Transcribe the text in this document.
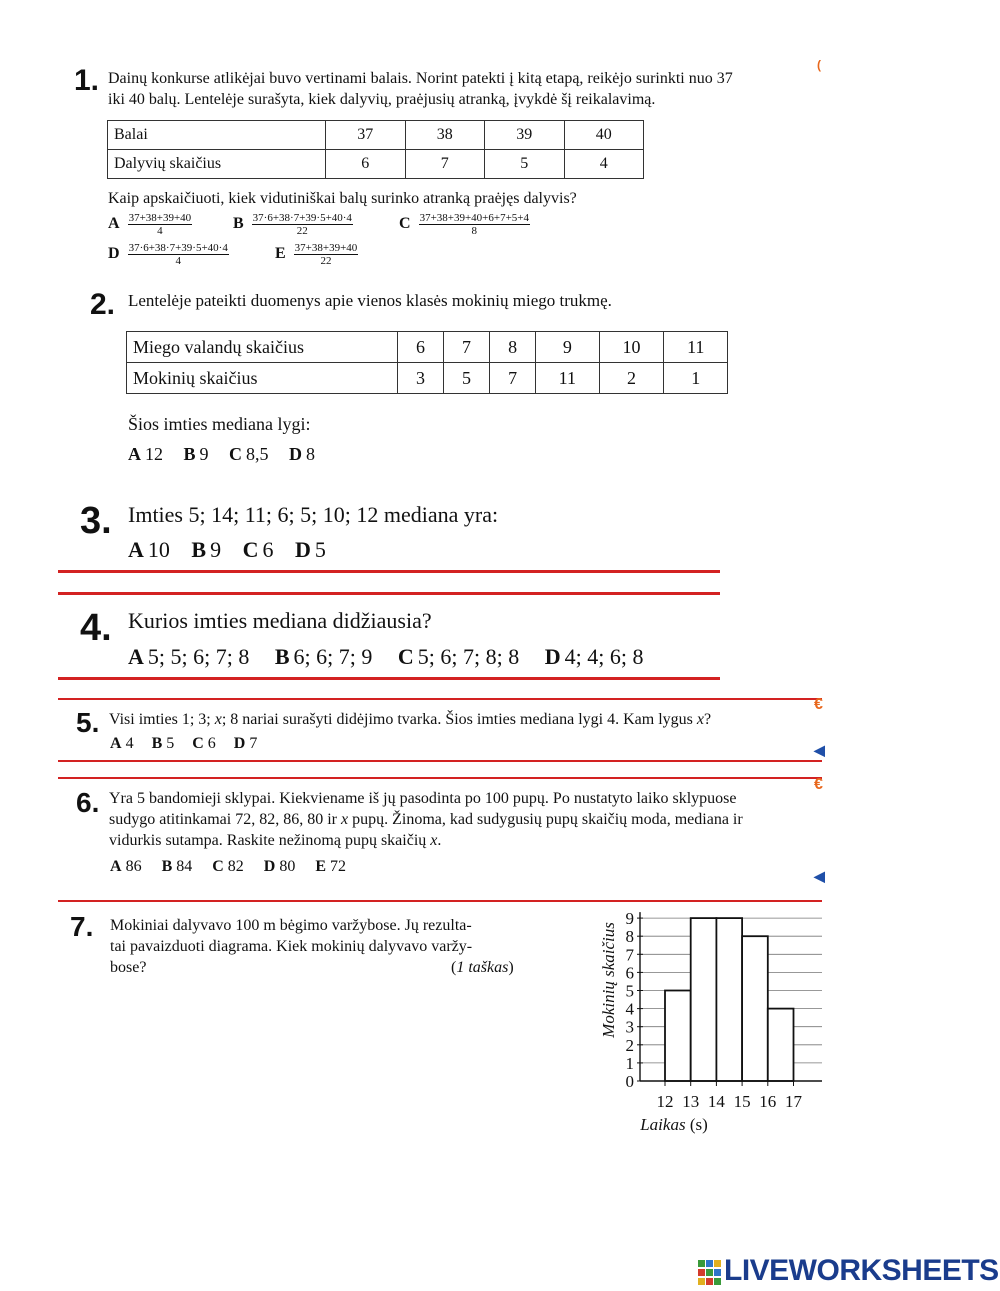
1. Dainų konkurse atlikėjai buvo vertinami balais. Norint patekti į kitą etapą, reikėjo surinkti nuo 37
iki 40 balų. Lentelėje surašyta, kiek dalyvių, praėjusių atranką, įvykdė šį reikalavimą.
(
Balai	37	38	39	40
Dalyvių skaičius	6	7	5	4
Kaip apskaičiuoti, kiek vidutiniškai balų surinko atranką praėjęs dalyvis?
A $\frac{37+38+39+40}{4}$	B $\frac{37\cdot 6+38\cdot 7+39\cdot 5+40\cdot 4}{22}$	C $\frac{37+38+39+40+6+7+5+4}{8}$
D $\frac{37\cdot 6+38\cdot 7+39\cdot 5+40\cdot 4}{4}$	E $\frac{37+38+39+40}{22}$
2. Lentelėje pateikti duomenys apie vienos klasės mokinių miego trukmę.
Miego valandų skaičius	6	7	8	9	10	11
Mokinių skaičius	3	5	7	11	2	1
Šios imties mediana lygi:
A 12 B 9 C 8,5 D 8
3. Imties 5; 14; 11; 6; 5; 10; 12 mediana yra:
A 10 B 9 C 6 D 5
4. Kurios imties mediana didžiausia?
A 5; 5; 6; 7; 8 B 6; 6; 7; 9 C 5; 6; 7; 8; 8 D 4; 4; 6; 8
5. Visi imties 1; 3; x; 8 nariai surašyti didėjimo tvarka. Šios imties mediana lygi 4. Kam lygus x?
A 4 B 5 C 6 D 7
€
◀
6. Yra 5 bandomieji sklypai. Kiekviename iš jų pasodinta po 100 pupų. Po nustatyto laiko sklypuose
sudygo atitinkamai 72, 82, 86, 80 ir x pupų. Žinoma, kad sudygusių pupų skaičių moda, mediana ir
vidurkis sutampa. Raskite nežinomą pupų skaičių x.
A 86 B 84 C 82 D 80 E 72
€
◀
7. Mokiniai dalyvavo 100 m bėgimo varžybose. Jų rezulta-
tai pavaizduoti diagrama. Kiek mokinių dalyvavo varžy-
bose?	(1 taškas)
0
1
2
3
4
5
6
7
8
9
12 13 14 15 16 17
Mokinių skaičius
Laikas (s)
LIVEWORKSHEETS
